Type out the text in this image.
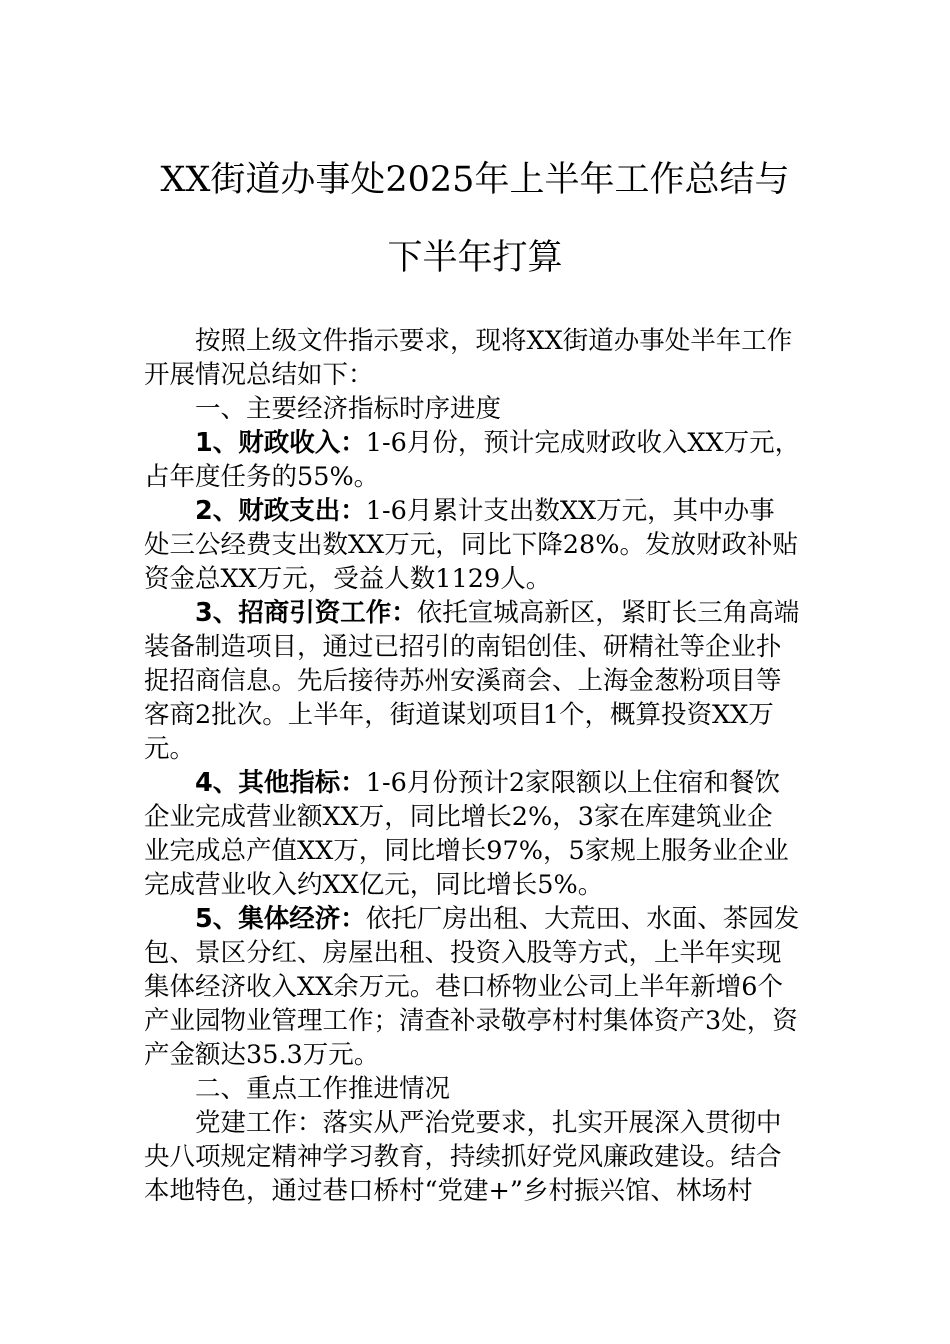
XX街道办事处2025年上半年工作总结与

下半年打算

按照上级文件指示要求，现将XX街道办事处半年工作

开展情况总结如下：

一、主要经济指标时序进度

1、财政收入：1-6月份，预计完成财政收入XX万元，

占年度任务的55%。

2、财政支出：1-6月累计支出数XX万元，其中办事

处三公经费支出数XX万元，同比下降28%。发放财政补贴

资金总XX万元，受益人数1129人。

3、招商引资工作：依托宣城高新区，紧盯长三角高端

装备制造项目，通过已招引的南铝创佳、研精社等企业扑

捉招商信息。先后接待苏州安溪商会、上海金葱粉项目等

客商2批次。上半年，街道谋划项目1个，概算投资XX万

元。

4、其他指标：1-6月份预计2家限额以上住宿和餐饮

企业完成营业额XX万，同比增长2%，3家在库建筑业企

业完成总产值XX万，同比增长97%，5家规上服务业企业

完成营业收入约XX亿元，同比增长5%。

5、集体经济：依托厂房出租、大荒田、水面、茶园发

包、景区分红、房屋出租、投资入股等方式，上半年实现

集体经济收入XX余万元。巷口桥物业公司上半年新增6个

产业园物业管理工作；清查补录敬亭村村集体资产3处，资

产金额达35.3万元。

二、重点工作推进情况

党建工作：落实从严治党要求，扎实开展深入贯彻中

央八项规定精神学习教育，持续抓好党风廉政建设。结合

本地特色，通过巷口桥村“党建+”乡村振兴馆、林场村
